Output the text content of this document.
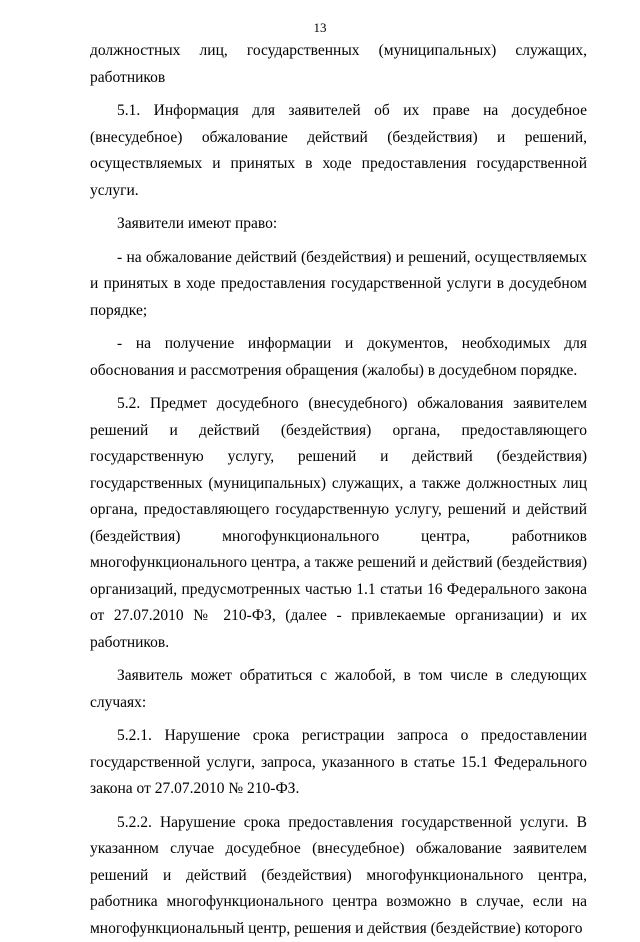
13

должностных лиц, государственных (муниципальных) служащих, работников

5.1. Информация для заявителей об их праве на досудебное (внесудебное) обжалование действий (бездействия) и решений, осуществляемых и принятых в ходе предоставления государственной услуги.

Заявители имеют право:

- на обжалование действий (бездействия) и решений, осуществляемых и принятых в ходе предоставления государственной услуги в досудебном порядке;

- на получение информации и документов, необходимых для обоснования и рассмотрения обращения (жалобы) в досудебном порядке.

5.2. Предмет досудебного (внесудебного) обжалования заявителем решений и действий (бездействия) органа, предоставляющего государственную услугу, решений и действий (бездействия) государственных (муниципальных) служащих, а также должностных лиц органа, предоставляющего государственную услугу, решений и действий (бездействия) многофункционального центра, работников многофункционального центра, а также решений и действий (бездействия) организаций, предусмотренных частью 1.1 статьи 16 Федерального закона от 27.07.2010 № 210-ФЗ, (далее - привлекаемые организации) и их работников.

Заявитель может обратиться с жалобой, в том числе в следующих случаях:

5.2.1. Нарушение срока регистрации запроса о предоставлении государственной услуги, запроса, указанного в статье 15.1 Федерального закона от 27.07.2010 № 210-ФЗ.

5.2.2. Нарушение срока предоставления государственной услуги. В указанном случае досудебное (внесудебное) обжалование заявителем решений и действий (бездействия) многофункционального центра, работника многофункционального центра возможно в случае, если на многофункциональный центр, решения и действия (бездействие) которого
